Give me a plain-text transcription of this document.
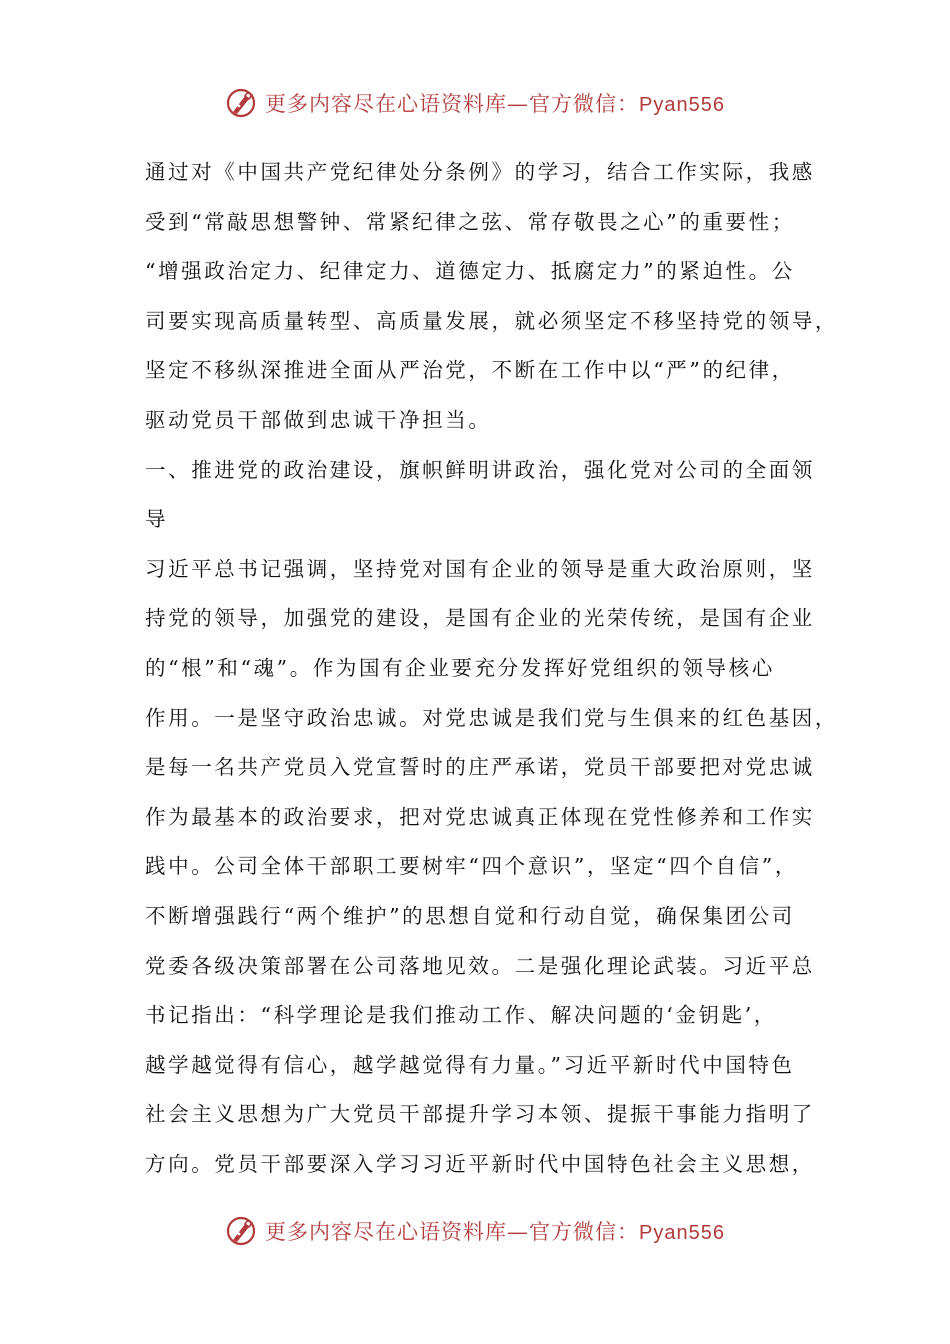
更多内容尽在心语资料库—官方微信：Pyan556
通过对《中国共产党纪律处分条例》的学习，结合工作实际，我感
受到“常敲思想警钟、常紧纪律之弦、常存敬畏之心”的重要性；
“增强政治定力、纪律定力、道德定力、抵腐定力”的紧迫性。公
司要实现高质量转型、高质量发展，就必须坚定不移坚持党的领导，
坚定不移纵深推进全面从严治党，不断在工作中以“严”的纪律，
驱动党员干部做到忠诚干净担当。
一、推进党的政治建设，旗帜鲜明讲政治，强化党对公司的全面领
导
习近平总书记强调，坚持党对国有企业的领导是重大政治原则，坚
持党的领导，加强党的建设，是国有企业的光荣传统，是国有企业
的“根”和“魂”。作为国有企业要充分发挥好党组织的领导核心
作用。一是坚守政治忠诚。对党忠诚是我们党与生俱来的红色基因，
是每一名共产党员入党宣誓时的庄严承诺，党员干部要把对党忠诚
作为最基本的政治要求，把对党忠诚真正体现在党性修养和工作实
践中。公司全体干部职工要树牢“四个意识”，坚定“四个自信”，
不断增强践行“两个维护”的思想自觉和行动自觉，确保集团公司
党委各级决策部署在公司落地见效。二是强化理论武装。习近平总
书记指出：“科学理论是我们推动工作、解决问题的‘金钥匙’，
越学越觉得有信心，越学越觉得有力量。”习近平新时代中国特色
社会主义思想为广大党员干部提升学习本领、提振干事能力指明了
方向。党员干部要深入学习习近平新时代中国特色社会主义思想，
更多内容尽在心语资料库—官方微信：Pyan556
